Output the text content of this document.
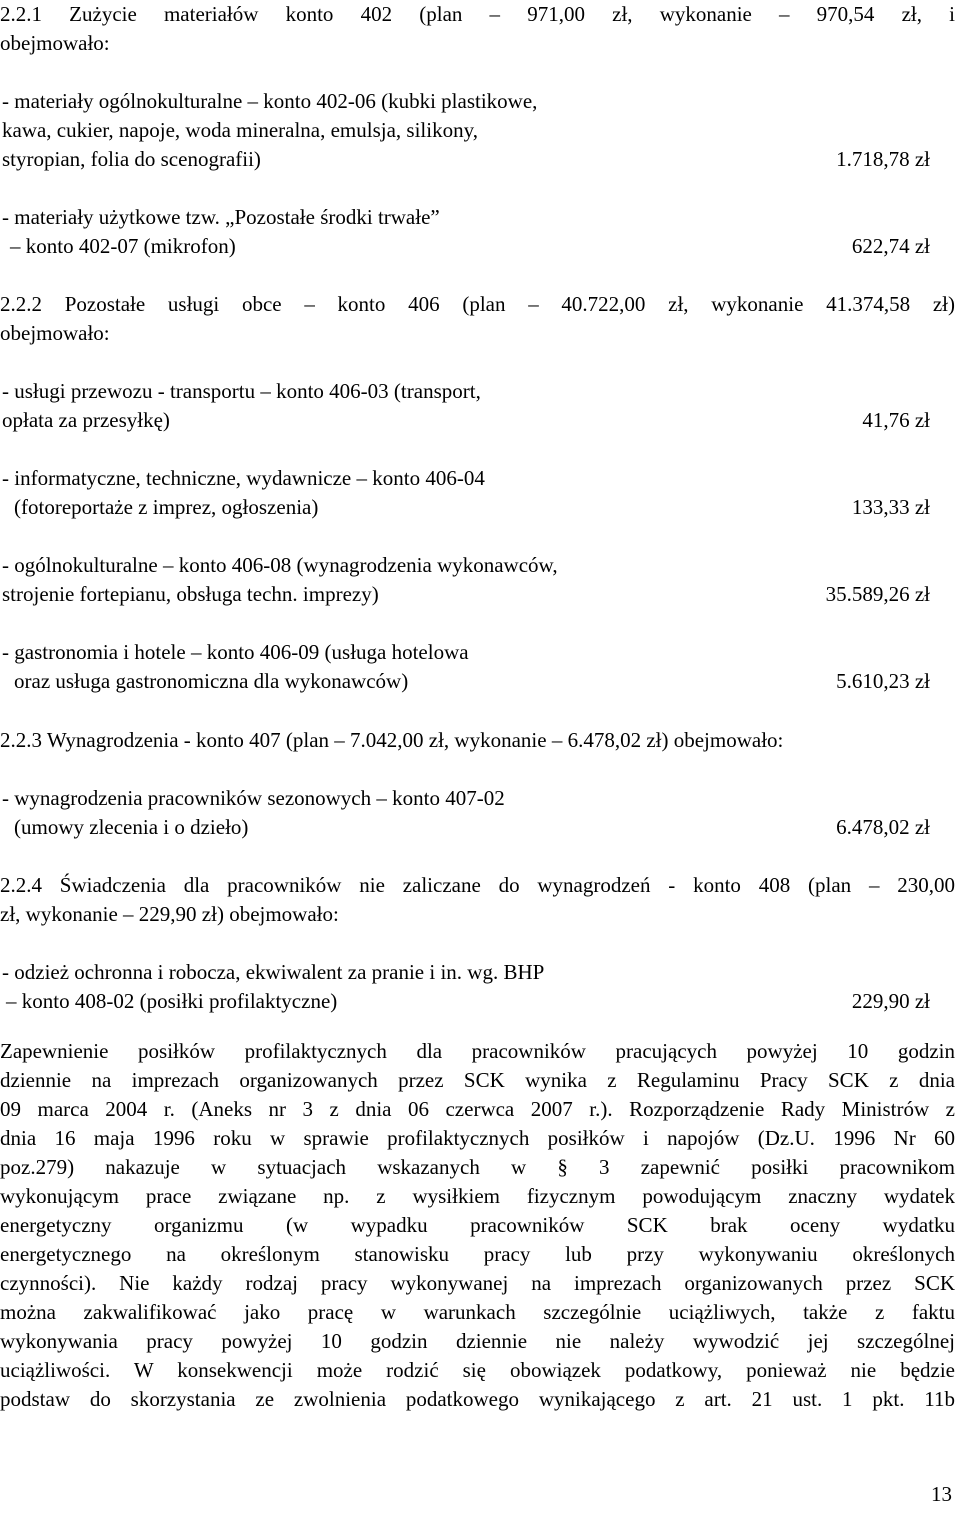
2.2.1 Zużycie materiałów konto 402 (plan – 971,00 zł, wykonanie – 970,54 zł, i
obejmowało:
- materiały ogólnokulturalne – konto 402-06 (kubki plastikowe,
kawa, cukier, napoje, woda mineralna, emulsja, silikony,
styropian, folia do scenografii)	1.718,78 zł
- materiały użytkowe tzw. „Pozostałe środki trwałe”
– konto 402-07 (mikrofon)	622,74 zł
2.2.2 Pozostałe usługi obce – konto 406 (plan – 40.722,00 zł, wykonanie 41.374,58 zł)
obejmowało:
- usługi przewozu - transportu – konto 406-03 (transport,
opłata za przesyłkę)	41,76 zł
- informatyczne, techniczne, wydawnicze – konto 406-04
(fotoreportaże z imprez, ogłoszenia)	133,33 zł
- ogólnokulturalne – konto 406-08 (wynagrodzenia wykonawców,
strojenie fortepianu, obsługa techn. imprezy)	35.589,26 zł
- gastronomia i hotele – konto 406-09 (usługa hotelowa
oraz usługa gastronomiczna dla wykonawców)	5.610,23 zł
2.2.3 Wynagrodzenia - konto 407 (plan – 7.042,00 zł, wykonanie – 6.478,02 zł) obejmowało:
- wynagrodzenia pracowników sezonowych – konto 407-02
(umowy zlecenia i o dzieło)	6.478,02 zł
2.2.4 Świadczenia dla pracowników nie zaliczane do wynagrodzeń - konto 408 (plan – 230,00
zł, wykonanie – 229,90 zł) obejmowało:
- odzież ochronna i robocza, ekwiwalent za pranie i in. wg. BHP
– konto 408-02 (posiłki profilaktyczne)	229,90 zł
Zapewnienie posiłków profilaktycznych dla pracowników pracujących powyżej 10 godzin
dziennie na imprezach organizowanych przez SCK wynika z Regulaminu Pracy SCK z dnia
09 marca 2004 r. (Aneks nr 3 z dnia 06 czerwca 2007 r.). Rozporządzenie Rady Ministrów z
dnia 16 maja 1996 roku w sprawie profilaktycznych posiłków i napojów (Dz.U. 1996 Nr 60
poz.279) nakazuje w sytuacjach wskazanych w § 3 zapewnić posiłki pracownikom
wykonującym prace związane np. z wysiłkiem fizycznym powodującym znaczny wydatek
energetyczny organizmu (w wypadku pracowników SCK brak oceny wydatku
energetycznego na określonym stanowisku pracy lub przy wykonywaniu określonych
czynności). Nie każdy rodzaj pracy wykonywanej na imprezach organizowanych przez SCK
można zakwalifikować jako pracę w warunkach szczególnie uciążliwych, także z faktu
wykonywania pracy powyżej 10 godzin dziennie nie należy wywodzić jej szczególnej
uciążliwości. W konsekwencji może rodzić się obowiązek podatkowy, ponieważ nie będzie
podstaw do skorzystania ze zwolnienia podatkowego wynikającego z art. 21 ust. 1 pkt. 11b
13
